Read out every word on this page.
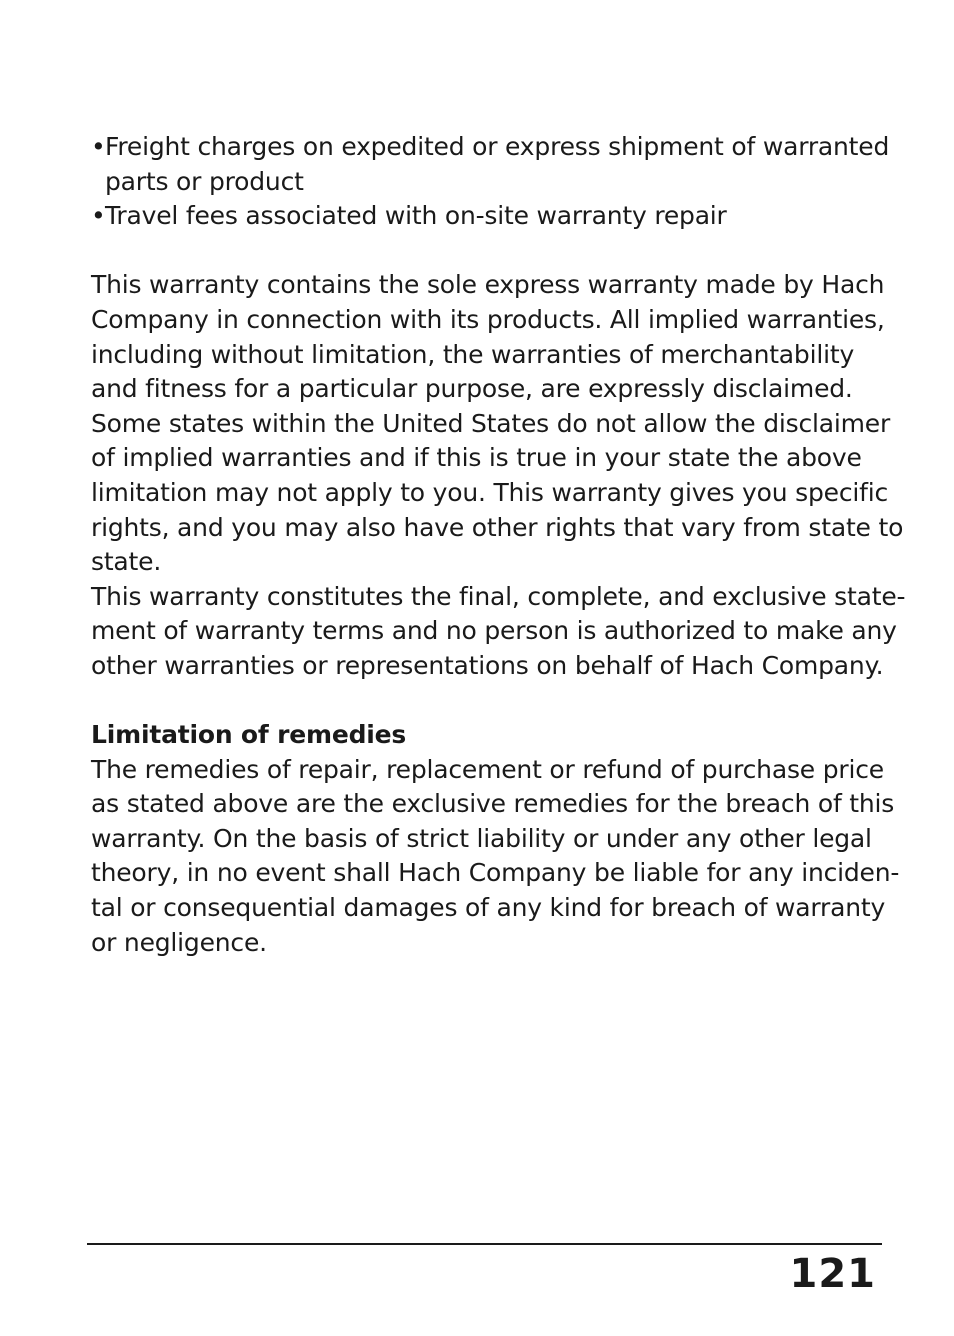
• Freight charges on expedited or express shipment of warranted
parts or product
• Travel fees associated with on-site warranty repair

This warranty contains the sole express warranty made by Hach
Company in connection with its products. All implied warranties,
including without limitation, the warranties of merchantability
and fitness for a particular purpose, are expressly disclaimed.
Some states within the United States do not allow the disclaimer
of implied warranties and if this is true in your state the above
limitation may not apply to you. This warranty gives you specific
rights, and you may also have other rights that vary from state to
state.

This warranty constitutes the final, complete, and exclusive state-
ment of warranty terms and no person is authorized to make any
other warranties or representations on behalf of Hach Company.

Limitation of remedies

The remedies of repair, replacement or refund of purchase price
as stated above are the exclusive remedies for the breach of this
warranty. On the basis of strict liability or under any other legal
theory, in no event shall Hach Company be liable for any inciden-
tal or consequential damages of any kind for breach of warranty
or negligence.

121
